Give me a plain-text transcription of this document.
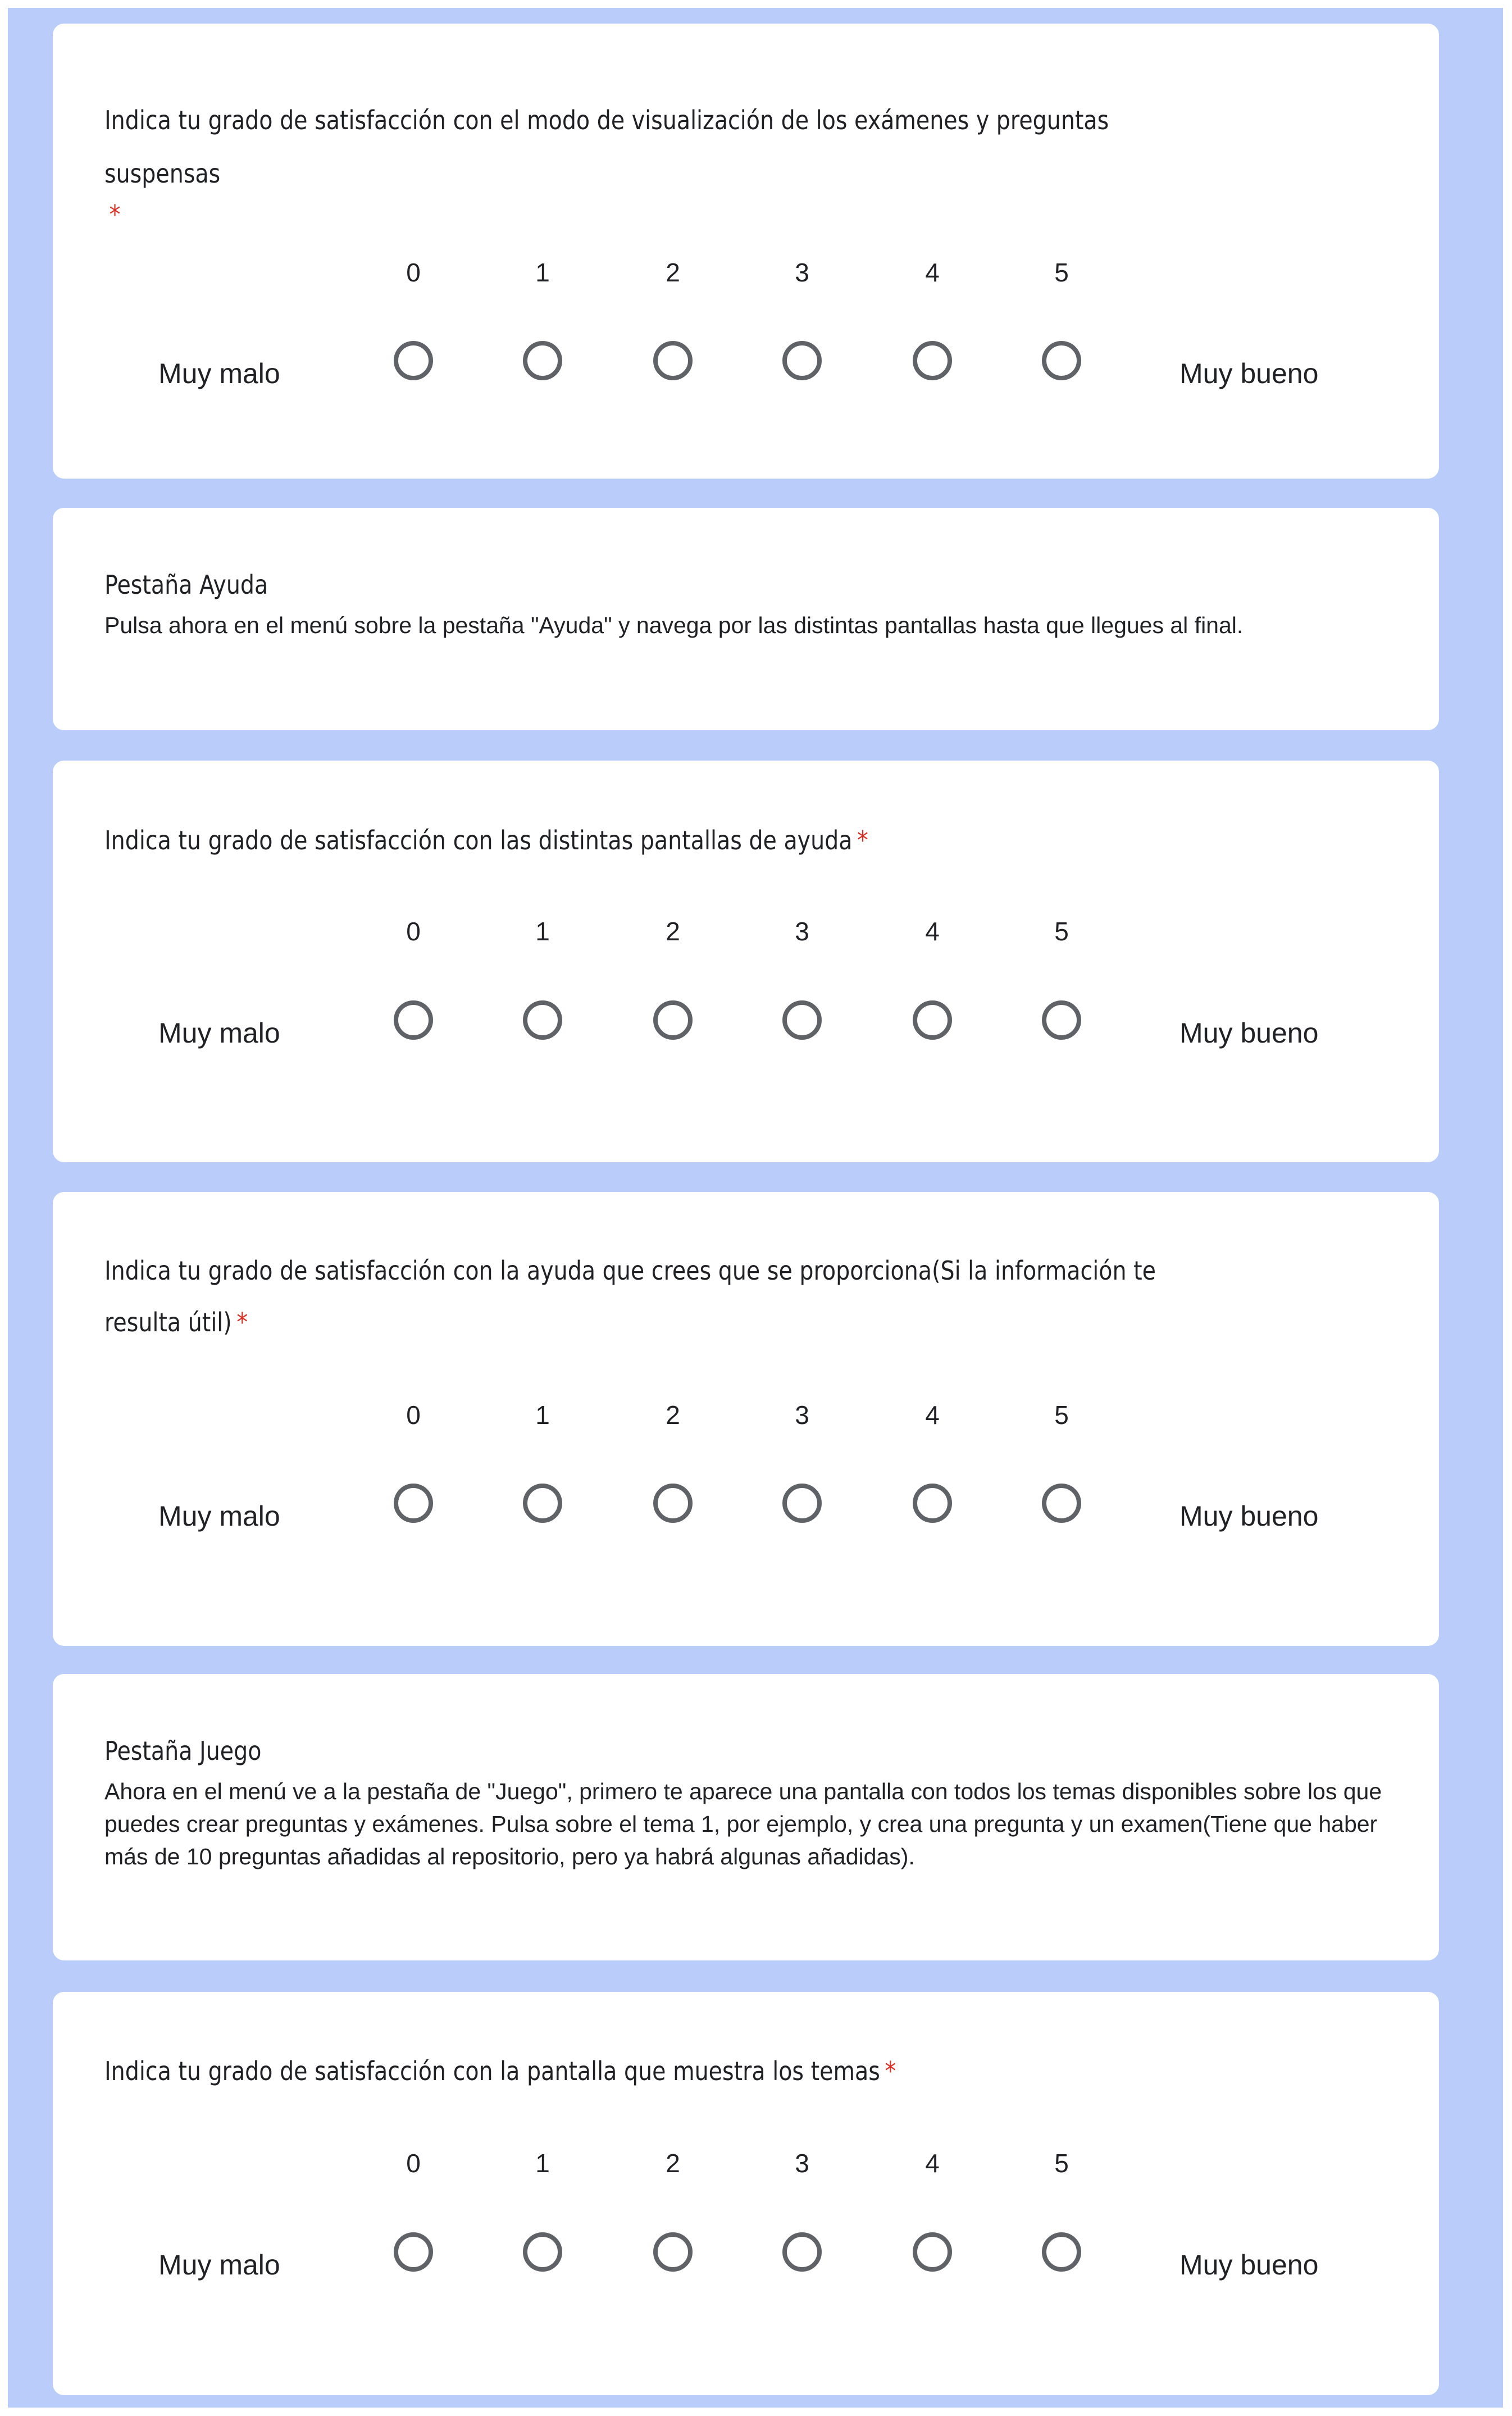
Indica tu grado de satisfacción con el modo de visualización de los exámenes y preguntas suspensas
*
0	1	2	3	4	5
Muy malo	Muy bueno
Pestaña Ayuda
Pulsa ahora en el menú sobre la pestaña "Ayuda" y navega por las distintas pantallas hasta que llegues al final.
Indica tu grado de satisfacción con las distintas pantallas de ayuda *
0	1	2	3	4	5
Muy malo	Muy bueno
Indica tu grado de satisfacción con la ayuda que crees que se proporciona(Si la información te resulta útil) *
0	1	2	3	4	5
Muy malo	Muy bueno
Pestaña Juego
Ahora en el menú ve a la pestaña de "Juego", primero te aparece una pantalla con todos los temas disponibles sobre los que puedes crear preguntas y exámenes. Pulsa sobre el tema 1, por ejemplo, y crea una pregunta y un examen(Tiene que haber más de 10 preguntas añadidas al repositorio, pero ya habrá algunas añadidas).
Indica tu grado de satisfacción con la pantalla que muestra los temas *
0	1	2	3	4	5
Muy malo	Muy bueno
